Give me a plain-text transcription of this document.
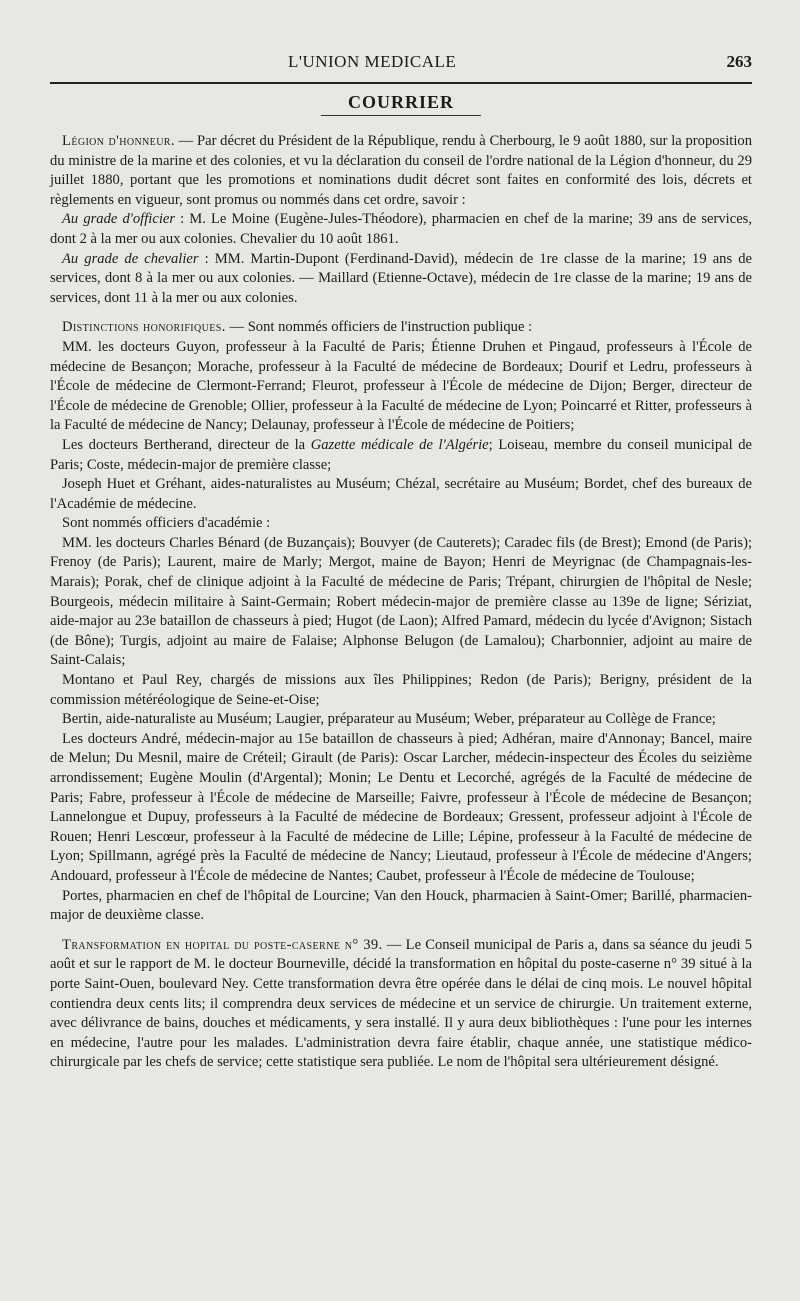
L'UNION MEDICALE	263
COURRIER

Légion d'honneur. — Par décret du Président de la République, rendu à Cherbourg, le 9 août 1880, sur la proposition du ministre de la marine et des colonies, et vu la déclaration du conseil de l'ordre national de la Légion d'honneur, du 29 juillet 1880, portant que les promotions et nominations dudit décret sont faites en conformité des lois, décrets et règlements en vigueur, sont promus ou nommés dans cet ordre, savoir :

Au grade d'officier : M. Le Moine (Eugène-Jules-Théodore), pharmacien en chef de la marine; 39 ans de services, dont 2 à la mer ou aux colonies. Chevalier du 10 août 1861.

Au grade de chevalier : MM. Martin-Dupont (Ferdinand-David), médecin de 1re classe de la marine; 19 ans de services, dont 8 à la mer ou aux colonies. — Maillard (Etienne-Octave), médecin de 1re classe de la marine; 19 ans de services, dont 11 à la mer ou aux colonies.

Distinctions honorifiques. — Sont nommés officiers de l'instruction publique :

MM. les docteurs Guyon, professeur à la Faculté de Paris; Étienne Druhen et Pingaud, professeurs à l'École de médecine de Besançon; Morache, professeur à la Faculté de médecine de Bordeaux; Dourif et Ledru, professeurs à l'École de médecine de Clermont-Ferrand; Fleurot, professeur à l'École de médecine de Dijon; Berger, directeur de l'École de médecine de Grenoble; Ollier, professeur à la Faculté de médecine de Lyon; Poincarré et Ritter, professeurs à la Faculté de médecine de Nancy; Delaunay, professeur à l'École de médecine de Poitiers;

Les docteurs Bertherand, directeur de la Gazette médicale de l'Algérie; Loiseau, membre du conseil municipal de Paris; Coste, médecin-major de première classe;

Joseph Huet et Gréhant, aides-naturalistes au Muséum; Chézal, secrétaire au Muséum; Bordet, chef des bureaux de l'Académie de médecine.

Sont nommés officiers d'académie :

MM. les docteurs Charles Bénard (de Buzançais); Bouvyer (de Cauterets); Caradec fils (de Brest); Emond (de Paris); Frenoy (de Paris); Laurent, maire de Marly; Mergot, maine de Bayon; Henri de Meyrignac (de Champagnais-les-Marais); Porak, chef de clinique adjoint à la Faculté de médecine de Paris; Trépant, chirurgien de l'hôpital de Nesle; Bourgeois, médecin militaire à Saint-Germain; Robert médecin-major de première classe au 139e de ligne; Sériziat, aide-major au 23e bataillon de chasseurs à pied; Hugot (de Laon); Alfred Pamard, médecin du lycée d'Avignon; Sistach (de Bône); Turgis, adjoint au maire de Falaise; Alphonse Belugon (de Lamalou); Charbonnier, adjoint au maire de Saint-Calais;

Montano et Paul Rey, chargés de missions aux îles Philippines; Redon (de Paris); Berigny, président de la commission météréologique de Seine-et-Oise;

Bertin, aide-naturaliste au Muséum; Laugier, préparateur au Muséum; Weber, préparateur au Collège de France;

Les docteurs André, médecin-major au 15e bataillon de chasseurs à pied; Adhéran, maire d'Annonay; Bancel, maire de Melun; Du Mesnil, maire de Créteil; Girault (de Paris): Oscar Larcher, médecin-inspecteur des Écoles du seizième arrondissement; Eugène Moulin (d'Argental); Monin; Le Dentu et Lecorché, agrégés de la Faculté de médecine de Paris; Fabre, professeur à l'École de médecine de Marseille; Faivre, professeur à l'École de médecine de Besançon; Lannelongue et Dupuy, professeurs à la Faculté de médecine de Bordeaux; Gressent, professeur adjoint à l'École de Rouen; Henri Lescœur, professeur à la Faculté de médecine de Lille; Lépine, professeur à la Faculté de médecine de Lyon; Spillmann, agrégé près la Faculté de médecine de Nancy; Lieutaud, professeur à l'École de médecine d'Angers; Andouard, professeur à l'École de médecine de Nantes; Caubet, professeur à l'École de médecine de Toulouse;

Portes, pharmacien en chef de l'hôpital de Lourcine; Van den Houck, pharmacien à Saint-Omer; Barillé, pharmacien-major de deuxième classe.

Transformation en hopital du poste-caserne n° 39. — Le Conseil municipal de Paris a, dans sa séance du jeudi 5 août et sur le rapport de M. le docteur Bourneville, décidé la transformation en hôpital du poste-caserne n° 39 situé à la porte Saint-Ouen, boulevard Ney. Cette transformation devra être opérée dans le délai de cinq mois. Le nouvel hôpital contiendra deux cents lits; il comprendra deux services de médecine et un service de chirurgie. Un traitement externe, avec délivrance de bains, douches et médicaments, y sera installé. Il y aura deux bibliothèques : l'une pour les internes en médecine, l'autre pour les malades. L'administration devra faire établir, chaque année, une statistique médico-chirurgicale par les chefs de service; cette statistique sera publiée. Le nom de l'hôpital sera ultérieurement désigné.
